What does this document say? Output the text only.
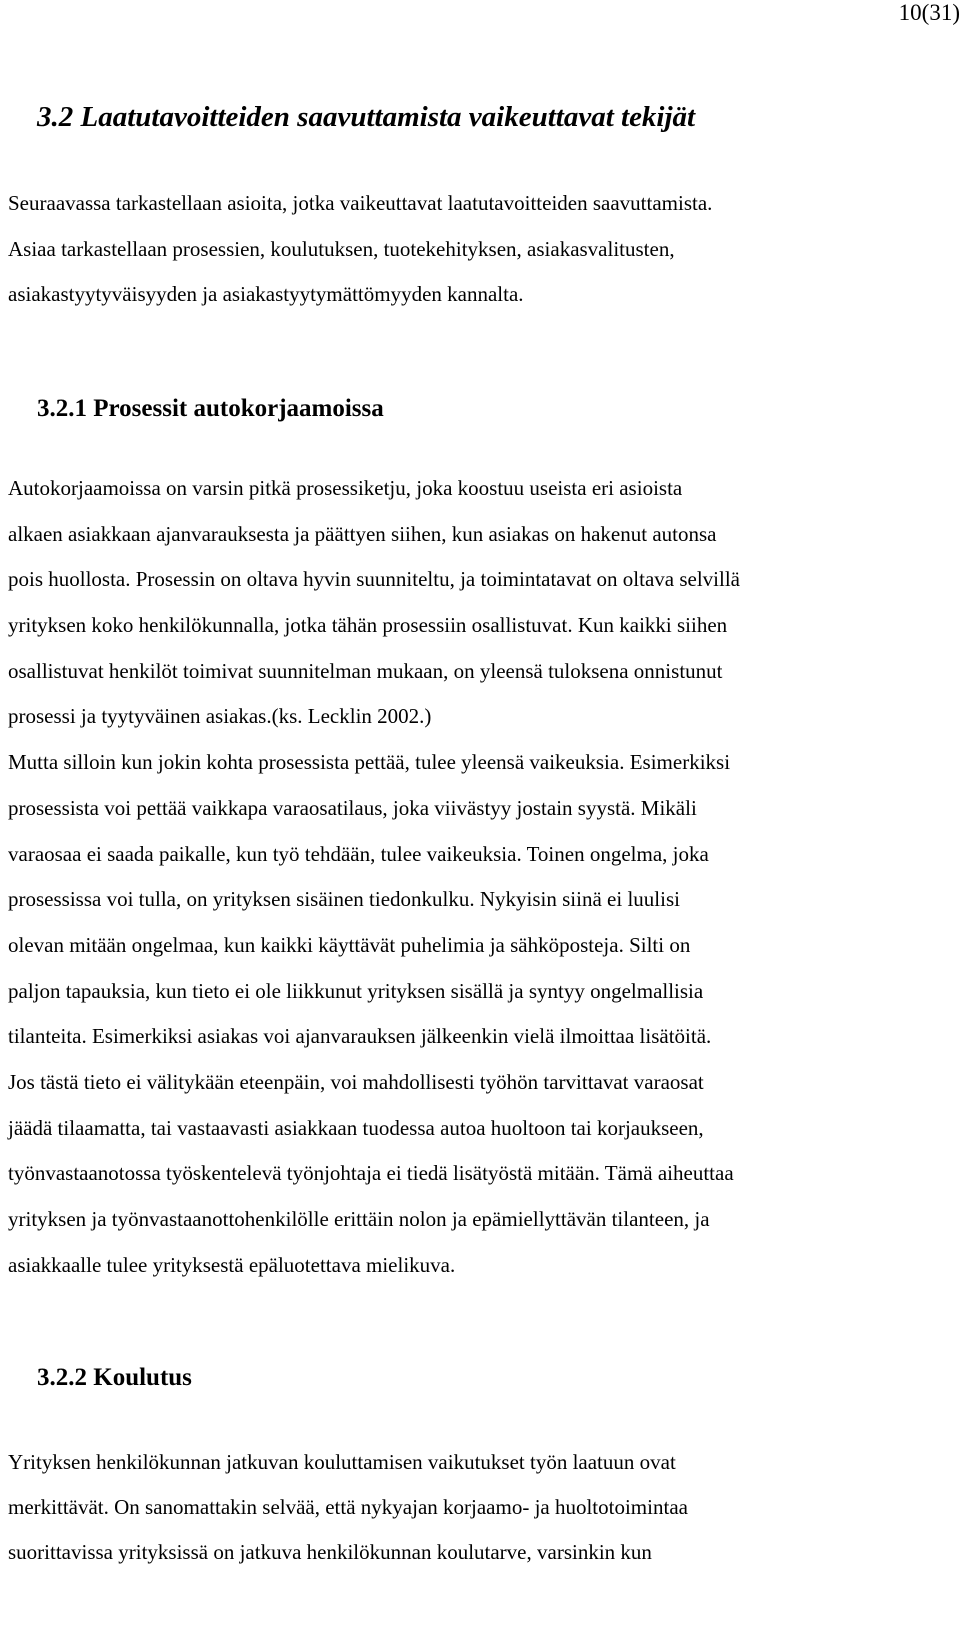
10(31)
3.2 Laatutavoitteiden saavuttamista vaikeuttavat tekijät
Seuraavassa tarkastellaan asioita, jotka vaikeuttavat laatutavoitteiden saavuttamista.
Asiaa tarkastellaan prosessien, koulutuksen, tuotekehityksen, asiakasvalitusten,
asiakastyytyväisyyden ja asiakastyytymättömyyden kannalta.
3.2.1 Prosessit autokorjaamoissa
Autokorjaamoissa on varsin pitkä prosessiketju, joka koostuu useista eri asioista
alkaen asiakkaan ajanvarauksesta ja päättyen siihen, kun asiakas on hakenut autonsa
pois huollosta. Prosessin on oltava hyvin suunniteltu, ja toimintatavat on oltava selvillä
yrityksen koko henkilökunnalla, jotka tähän prosessiin osallistuvat. Kun kaikki siihen
osallistuvat henkilöt toimivat suunnitelman mukaan, on yleensä tuloksena onnistunut
prosessi ja tyytyväinen asiakas.(ks. Lecklin 2002.)
Mutta silloin kun jokin kohta prosessista pettää, tulee yleensä vaikeuksia. Esimerkiksi
prosessista voi pettää vaikkapa varaosatilaus, joka viivästyy jostain syystä. Mikäli
varaosaa ei saada paikalle, kun työ tehdään, tulee vaikeuksia. Toinen ongelma, joka
prosessissa voi tulla, on yrityksen sisäinen tiedonkulku. Nykyisin siinä ei luulisi
olevan mitään ongelmaa, kun kaikki käyttävät puhelimia ja sähköposteja. Silti on
paljon tapauksia, kun tieto ei ole liikkunut yrityksen sisällä ja syntyy ongelmallisia
tilanteita. Esimerkiksi asiakas voi ajanvarauksen jälkeenkin vielä ilmoittaa lisätöitä.
Jos tästä tieto ei välitykään eteenpäin, voi mahdollisesti työhön tarvittavat varaosat
jäädä tilaamatta, tai vastaavasti asiakkaan tuodessa autoa huoltoon tai korjaukseen,
työnvastaanotossa työskentelevä työnjohtaja ei tiedä lisätyöstä mitään. Tämä aiheuttaa
yrityksen ja työnvastaanottohenkilölle erittäin nolon ja epämiellyttävän tilanteen, ja
asiakkaalle tulee yrityksestä epäluotettava mielikuva.
3.2.2 Koulutus
Yrityksen henkilökunnan jatkuvan kouluttamisen vaikutukset työn laatuun ovat
merkittävät. On sanomattakin selvää, että nykyajan korjaamo- ja huoltotoimintaa
suorittavissa yrityksissä on jatkuva henkilökunnan koulutarve, varsinkin kun
